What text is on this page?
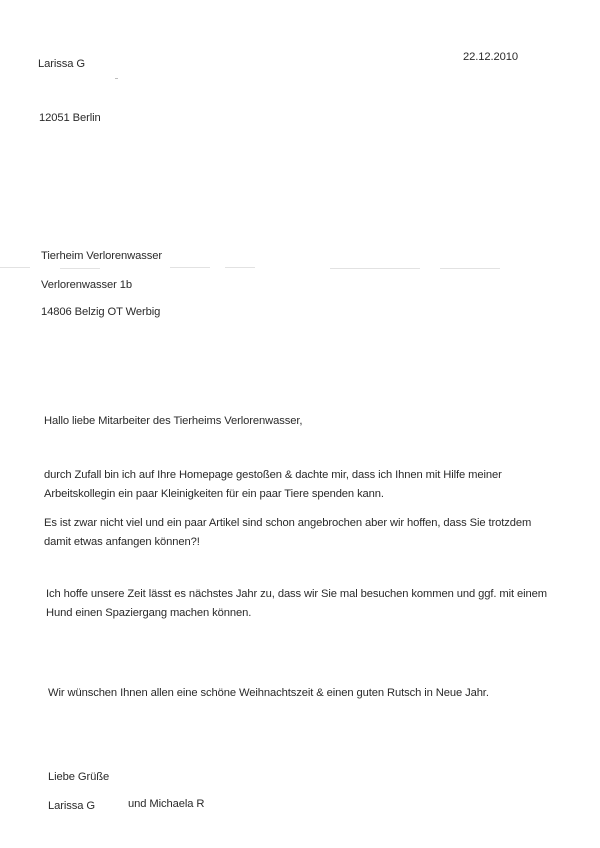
Larissa G
12051 Berlin
22.12.2010
Tierheim Verlorenwasser
Verlorenwasser 1b
14806 Belzig OT Werbig
Hallo liebe Mitarbeiter des Tierheims Verlorenwasser,
durch Zufall bin ich auf Ihre Homepage gestoßen & dachte mir, dass ich Ihnen mit Hilfe meiner
Arbeitskollegin ein paar Kleinigkeiten für ein paar Tiere spenden kann.
Es ist zwar nicht viel und ein paar Artikel sind schon angebrochen aber wir hoffen, dass Sie trotzdem
damit etwas anfangen können?!
Ich hoffe unsere Zeit lässt es nächstes Jahr zu, dass wir Sie mal besuchen kommen und ggf. mit einem
Hund einen Spaziergang machen können.
Wir wünschen Ihnen allen eine schöne Weihnachtszeit & einen guten Rutsch in Neue Jahr.
Liebe Grüße
Larissa G	und Michaela R
